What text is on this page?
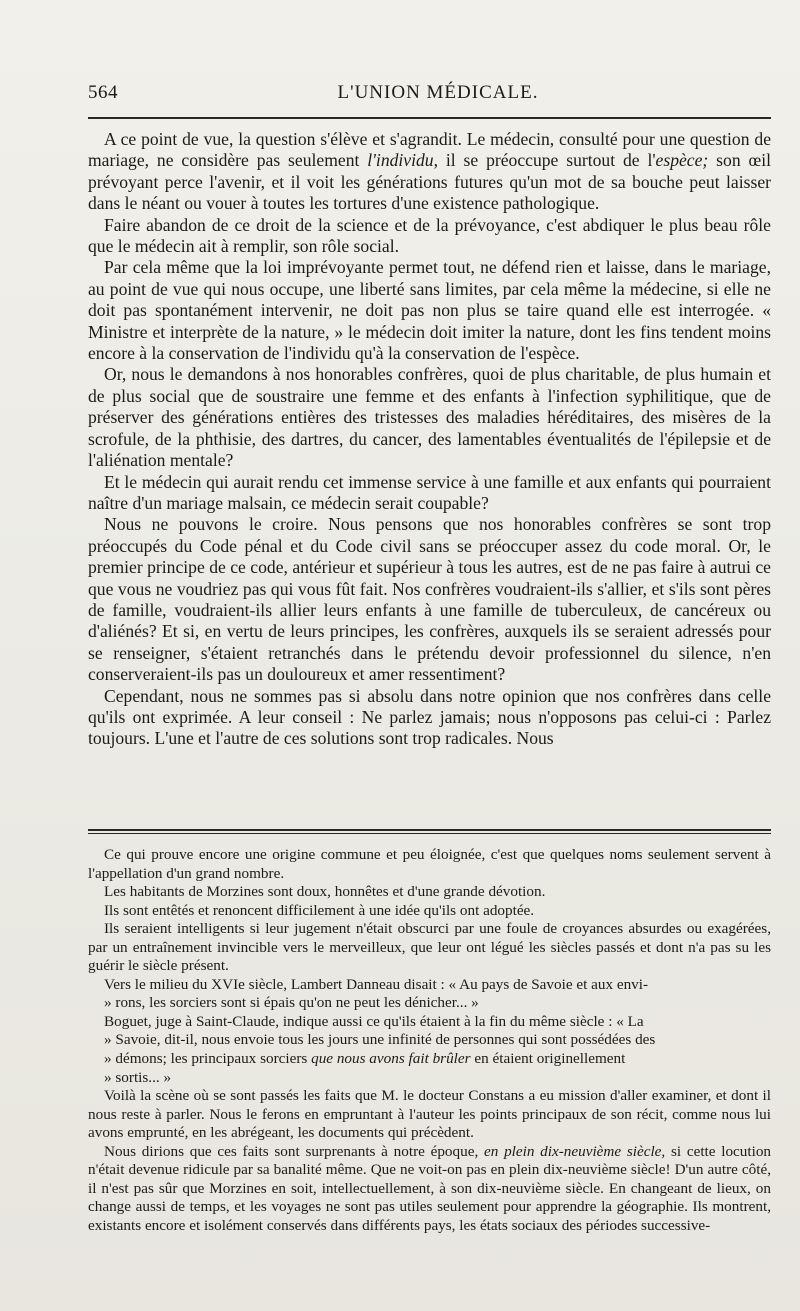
564	L'UNION MÉDICALE.

A ce point de vue, la question s'élève et s'agrandit. Le médecin, consulté pour une question de mariage, ne considère pas seulement l'individu, il se préoccupe surtout de l'espèce; son œil prévoyant perce l'avenir, et il voit les générations futures qu'un mot de sa bouche peut laisser dans le néant ou vouer à toutes les tortures d'une existence pathologique.

Faire abandon de ce droit de la science et de la prévoyance, c'est abdiquer le plus beau rôle que le médecin ait à remplir, son rôle social.

Par cela même que la loi imprévoyante permet tout, ne défend rien et laisse, dans le mariage, au point de vue qui nous occupe, une liberté sans limites, par cela même la médecine, si elle ne doit pas spontanément intervenir, ne doit pas non plus se taire quand elle est interrogée. « Ministre et interprète de la nature, » le médecin doit imiter la nature, dont les fins tendent moins encore à la conservation de l'individu qu'à la conservation de l'espèce.

Or, nous le demandons à nos honorables confrères, quoi de plus charitable, de plus humain et de plus social que de soustraire une femme et des enfants à l'infection syphilitique, que de préserver des générations entières des tristesses des maladies héréditaires, des misères de la scrofule, de la phthisie, des dartres, du cancer, des lamentables éventualités de l'épilepsie et de l'aliénation mentale?

Et le médecin qui aurait rendu cet immense service à une famille et aux enfants qui pourraient naître d'un mariage malsain, ce médecin serait coupable?

Nous ne pouvons le croire. Nous pensons que nos honorables confrères se sont trop préoccupés du Code pénal et du Code civil sans se préoccuper assez du code moral. Or, le premier principe de ce code, antérieur et supérieur à tous les autres, est de ne pas faire à autrui ce que vous ne voudriez pas qui vous fût fait. Nos confrères voudraient-ils s'allier, et s'ils sont pères de famille, voudraient-ils allier leurs enfants à une famille de tuberculeux, de cancéreux ou d'aliénés? Et si, en vertu de leurs principes, les confrères, auxquels ils se seraient adressés pour se renseigner, s'étaient retranchés dans le prétendu devoir professionnel du silence, n'en conserveraient-ils pas un douloureux et amer ressentiment?

Cependant, nous ne sommes pas si absolu dans notre opinion que nos confrères dans celle qu'ils ont exprimée. A leur conseil : Ne parlez jamais; nous n'opposons pas celui-ci : Parlez toujours. L'une et l'autre de ces solutions sont trop radicales. Nous

Ce qui prouve encore une origine commune et peu éloignée, c'est que quelques noms seulement servent à l'appellation d'un grand nombre.

Les habitants de Morzines sont doux, honnêtes et d'une grande dévotion.

Ils sont entêtés et renoncent difficilement à une idée qu'ils ont adoptée.

Ils seraient intelligents si leur jugement n'était obscurci par une foule de croyances absurdes ou exagérées, par un entraînement invincible vers le merveilleux, que leur ont légué les siècles passés et dont n'a pas su les guérir le siècle présent.

Vers le milieu du XVIe siècle, Lambert Danneau disait : « Au pays de Savoie et aux envi-

» rons, les sorciers sont si épais qu'on ne peut les dénicher... »

Boguet, juge à Saint-Claude, indique aussi ce qu'ils étaient à la fin du même siècle : « La

» Savoie, dit-il, nous envoie tous les jours une infinité de personnes qui sont possédées des

» démons; les principaux sorciers que nous avons fait brûler en étaient originellement

» sortis... »

Voilà la scène où se sont passés les faits que M. le docteur Constans a eu mission d'aller examiner, et dont il nous reste à parler. Nous le ferons en empruntant à l'auteur les points principaux de son récit, comme nous lui avons emprunté, en les abrégeant, les documents qui précèdent.

Nous dirions que ces faits sont surprenants à notre époque, en plein dix-neuvième siècle, si cette locution n'était devenue ridicule par sa banalité même. Que ne voit-on pas en plein dix-neuvième siècle! D'un autre côté, il n'est pas sûr que Morzines en soit, intellectuellement, à son dix-neuvième siècle. En changeant de lieux, on change aussi de temps, et les voyages ne sont pas utiles seulement pour apprendre la géographie. Ils montrent, existants encore et isolément conservés dans différents pays, les états sociaux des périodes successive-
